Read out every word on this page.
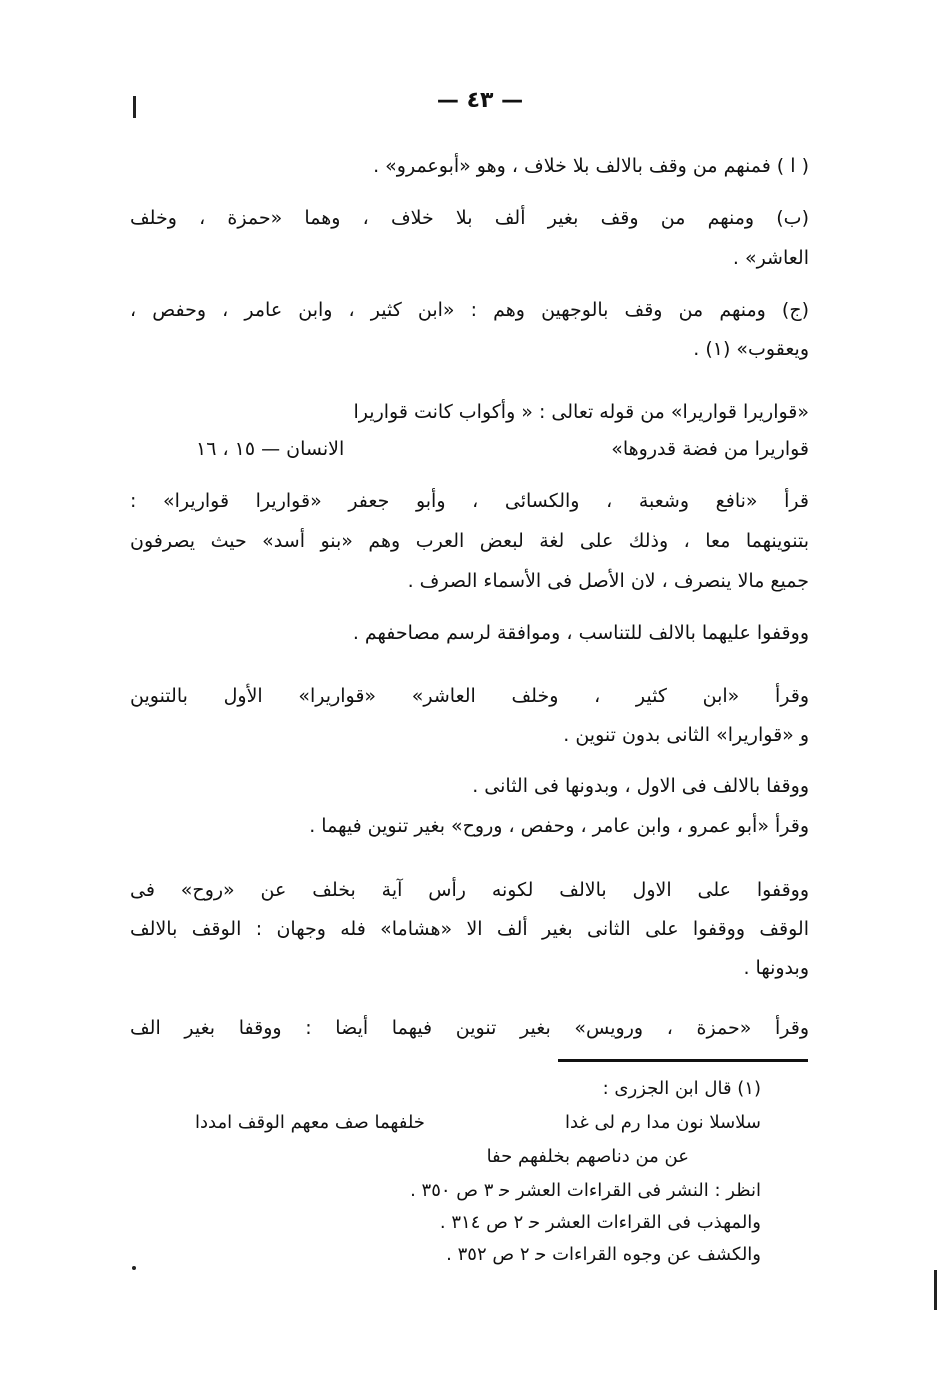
— ٤٣ —
( ا ) فمنهم من وقف بالالف بلا خلاف ، وهو «أبوعمرو» .
(ب) ومنهم من وقف بغير ألف بلا خلاف ، وهما «حمزة ، وخلف
العاشر» .
(ج) ومنهم من وقف بالوجهين وهم : «ابن كثير ، وابن عامر ، وحفص ،
ويعقوب» (١) .
«قواريرا قواريرا» من قوله تعالى : « وأكواب كانت قواريرا
قواريرا من فضة قدروها»
الانسان — ١٥ ، ١٦
قرأ «نافع وشعبة ، والكسائى ، وأبو جعفر «قواريرا قواريرا» :
بتنوينهما معا ، وذلك على لغة لبعض العرب وهم «بنو أسد» حيث يصرفون
جميع مالا ينصرف ، لان الأصل فى الأسماء الصرف .
ووقفوا عليهما بالالف للتناسب ، وموافقة لرسم مصاحفهم .
وقرأ «ابن كثير ، وخلف العاشر» «قواريرا» الأول بالتنوين
و «قواريرا» الثانى بدون تنوين .
ووقفا بالالف فى الاول ، وبدونها فى الثانى .
وقرأ «أبو عمرو ، وابن عامر ، وحفص ، وروح» بغير تنوين فيهما .
ووقفوا على الاول بالالف لكونه رأس آية بخلف عن «روح» فى
الوقف ووقفوا على الثانى بغير ألف الا «هشاما» فله وجهان : الوقف بالالف
وبدونها .
وقرأ «حمزة ، ورويس» بغير تنوين فيهما أيضا : ووقفا بغير الف
(١) قال ابن الجزرى :
سلاسلا نون مدا رم لى غدا
خلفهما صف معهم الوقف امددا
عن من دناصهم بخلفهم حفا
انظر : النشر فى القراءات العشر ﺣ ٣ ص ٣٥٠ .
والمهذب فى القراءات العشر ﺣ ٢ ص ٣١٤ .
والكشف عن وجوه القراءات ﺣ ٢ ص ٣٥٢ .
